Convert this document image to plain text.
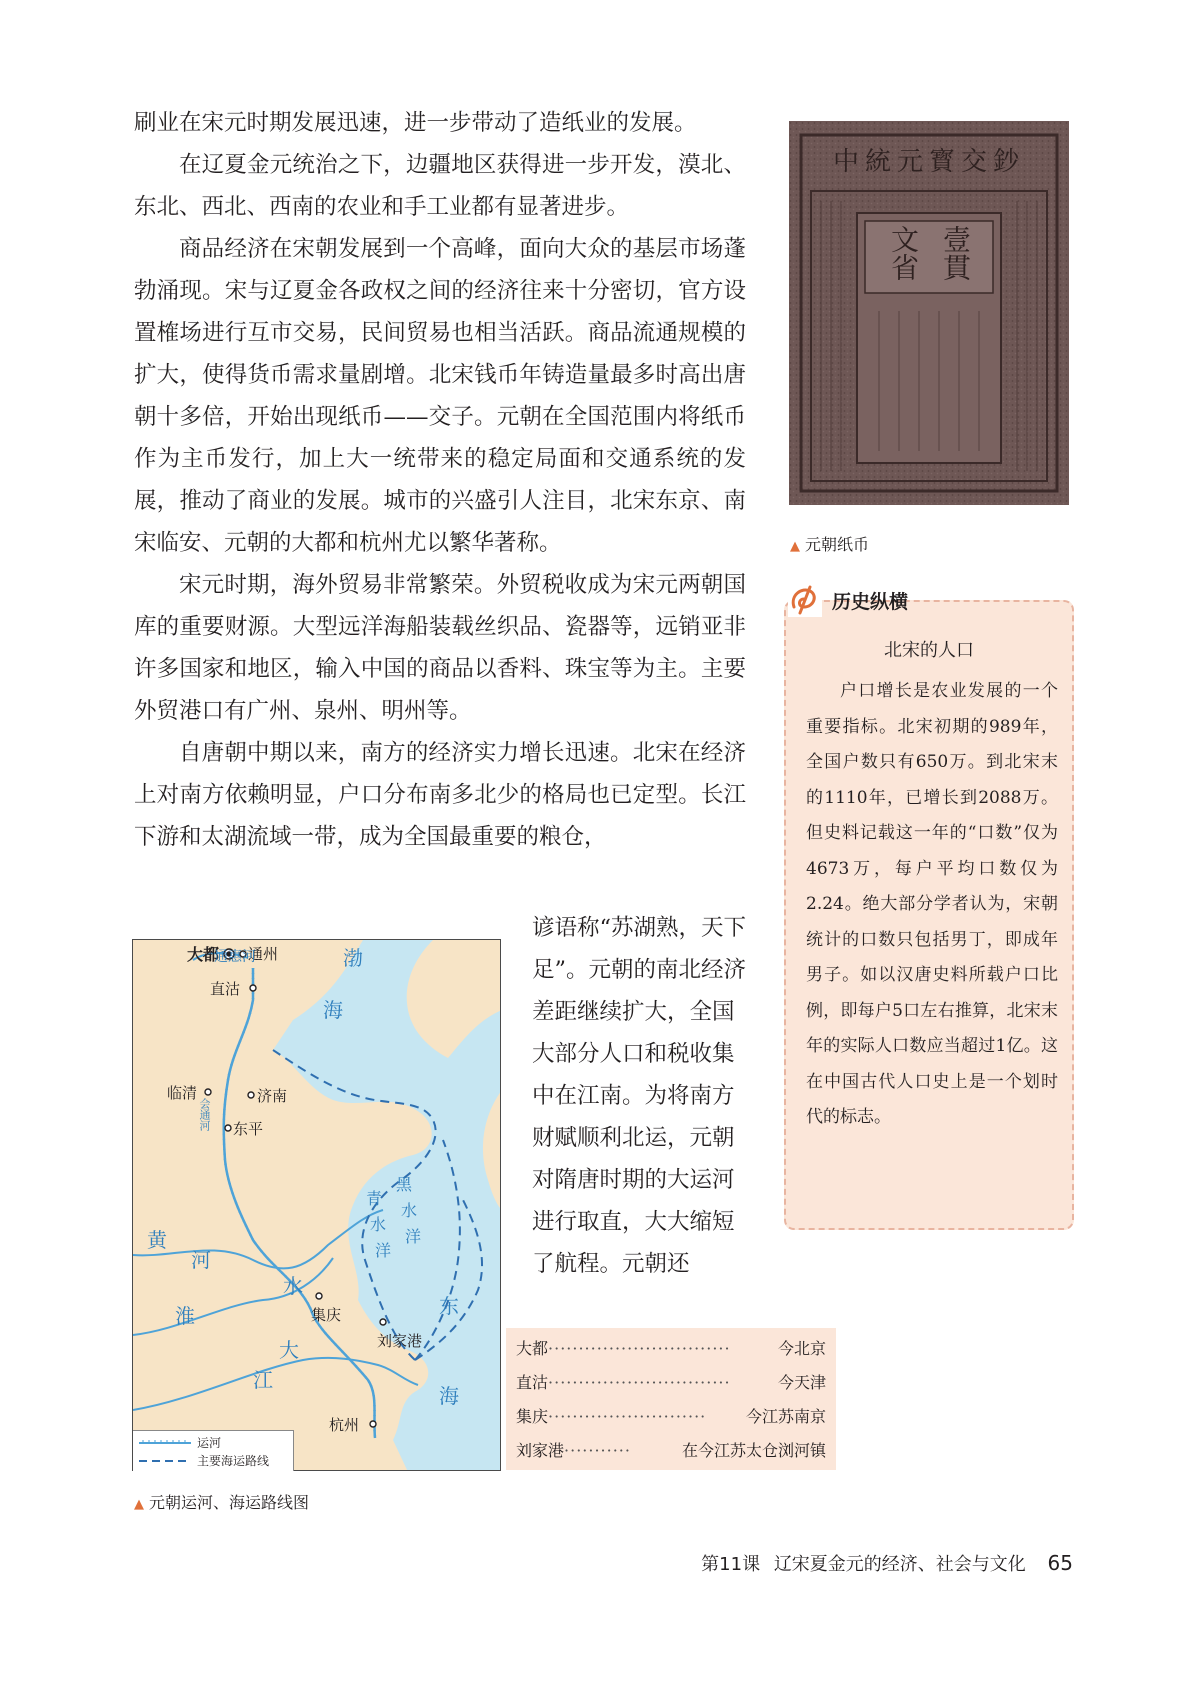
刷业在宋元时期发展迅速，进一步带动了造纸业的发展。

在辽夏金元统治之下，边疆地区获得进一步开发，漠北、东北、西北、西南的农业和手工业都有显著进步。

商品经济在宋朝发展到一个高峰，面向大众的基层市场蓬勃涌现。宋与辽夏金各政权之间的经济往来十分密切，官方设置榷场进行互市交易，民间贸易也相当活跃。商品流通规模的扩大，使得货币需求量剧增。北宋钱币年铸造量最多时高出唐朝十多倍，开始出现纸币——交子。元朝在全国范围内将纸币作为主币发行，加上大一统带来的稳定局面和交通系统的发展，推动了商业的发展。城市的兴盛引人注目，北宋东京、南宋临安、元朝的大都和杭州尤以繁华著称。

宋元时期，海外贸易非常繁荣。外贸税收成为宋元两朝国库的重要财源。大型远洋海船装载丝织品、瓷器等，远销亚非许多国家和地区，输入中国的商品以香料、珠宝等为主。主要外贸港口有广州、泉州、明州等。

自唐朝中期以来，南方的经济实力增长迅速。北宋在经济上对南方依赖明显，户口分布南多北少的格局也已定型。长江下游和太湖流域一带，成为全国最重要的粮仓，

谚语称“苏湖熟，天下足”。元朝的南北经济差距继续扩大，全国大部分人口和税收集中在江南。为将南方财赋顺利北运，元朝对隋唐时期的大运河进行取直，大大缩短了航程。元朝还

中統元寳交鈔
壹貫
文省
▲ 元朝纸币
历史纵横
北宋的人口

户口增长是农业发展的一个重要指标。北宋初期的989年，全国户数只有650万。到北宋末的1110年，已增长到2088万。但史料记载这一年的“口数”仅为4673万，每户平均口数仅为2.24。绝大部分学者认为，宋朝统计的口数只包括男丁，即成年男子。如以汉唐史料所载户口比例，即每户5口左右推算，北宋末年的实际人口数应当超过1亿。这在中国古代人口史上是一个划时代的标志。

大都 通州
直沽
临清	济南
东平
集庆
刘家港
杭州
会通河
渤
海
青
水
洋
黑
水
洋
黄
河
水
淮
大
江
东
海
通惠河
运河
主要海运路线
▲ 元朝运河、海运路线图
大都 ······························	今北京
直沽 ······························	今天津
集庆 ··························	今江苏南京
刘家港 ···········	在今江苏太仓浏河镇
第11课 辽宋夏金元的经济、社会与文化 65
